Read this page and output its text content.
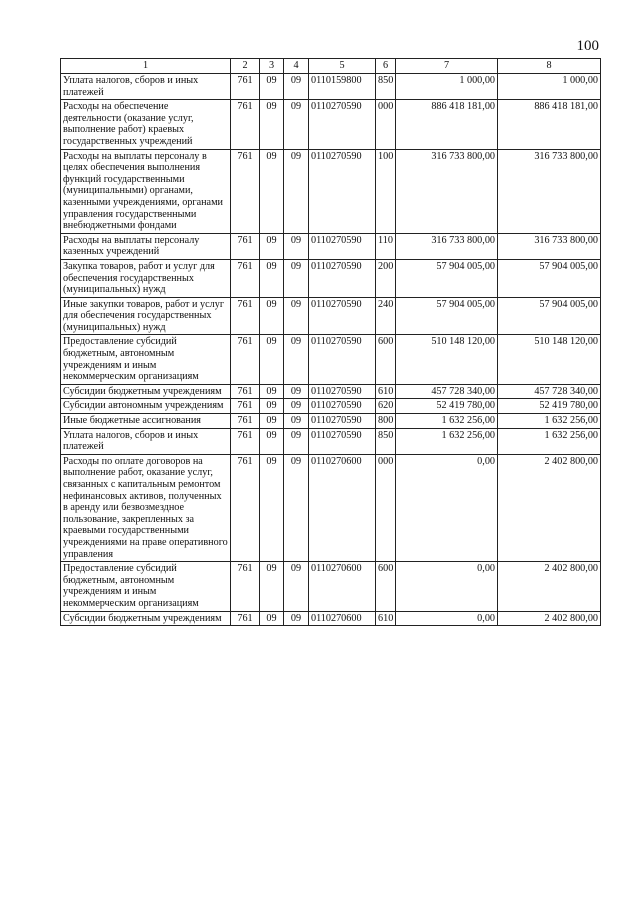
100
1	2	3	4	5	6	7	8
Уплата налогов, сборов и иных платежей	761	09	09	0110159800	850	1 000,00	1 000,00
Расходы на обеспечение деятельности (оказание услуг, выполнение работ) краевых государственных учреждений	761	09	09	0110270590	000	886 418 181,00	886 418 181,00
Расходы на выплаты персоналу в целях обеспечения выполнения функций государственными (муниципальными) органами, казенными учреждениями, органами управления государственными внебюджетными фондами	761	09	09	0110270590	100	316 733 800,00	316 733 800,00
Расходы на выплаты персоналу казенных учреждений	761	09	09	0110270590	110	316 733 800,00	316 733 800,00
Закупка товаров, работ и услуг для обеспечения государственных (муниципальных) нужд	761	09	09	0110270590	200	57 904 005,00	57 904 005,00
Иные закупки товаров, работ и услуг для обеспечения государственных (муниципальных) нужд	761	09	09	0110270590	240	57 904 005,00	57 904 005,00
Предоставление субсидий бюджетным, автономным учреждениям и иным некоммерческим организациям	761	09	09	0110270590	600	510 148 120,00	510 148 120,00
Субсидии бюджетным учреждениям	761	09	09	0110270590	610	457 728 340,00	457 728 340,00
Субсидии автономным учреждениям	761	09	09	0110270590	620	52 419 780,00	52 419 780,00
Иные бюджетные ассигнования	761	09	09	0110270590	800	1 632 256,00	1 632 256,00
Уплата налогов, сборов и иных платежей	761	09	09	0110270590	850	1 632 256,00	1 632 256,00
Расходы по оплате договоров на выполнение работ, оказание услуг, связанных с капитальным ремонтом нефинансовых активов, полученных в аренду или безвозмездное пользование, закрепленных за краевыми государственными учреждениями на праве оперативного управления	761	09	09	0110270600	000	0,00	2 402 800,00
Предоставление субсидий бюджетным, автономным учреждениям и иным некоммерческим организациям	761	09	09	0110270600	600	0,00	2 402 800,00
Субсидии бюджетным учреждениям	761	09	09	0110270600	610	0,00	2 402 800,00
